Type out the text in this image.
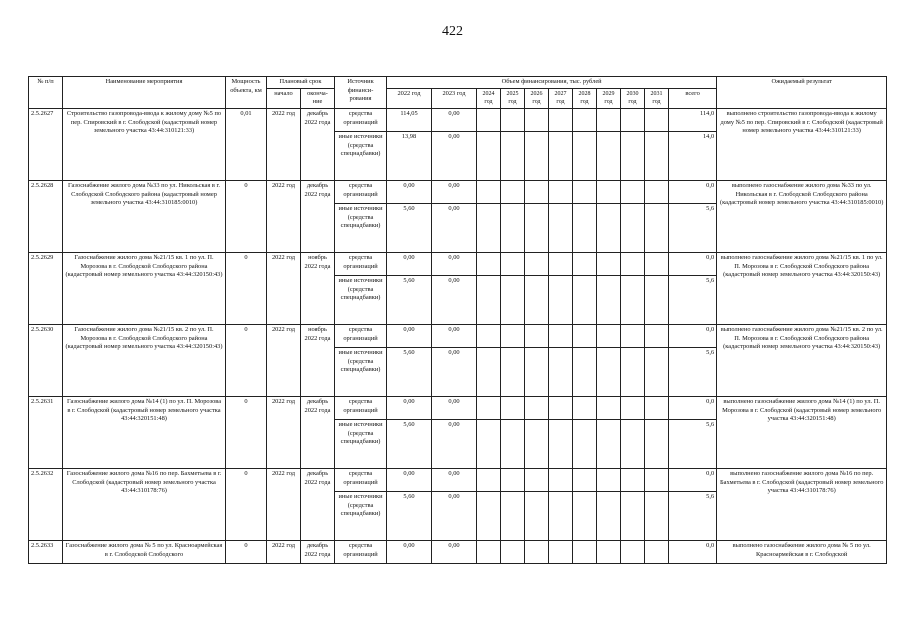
422
№ п/п	Наименование мероприятия	Мощность объекта, км	Плановый срок		Источник финанси- рования	Объем финансирования, тыс. рублей											Ожидаемый результат
			начало	оконча- ние		2022 год	2023 год	2024 год	2025 год	2026 год	2027 год	2028 год	2029 год	2030 год	2031 год	всего	
2.5.2627	Строительство газопровода-ввода к жилому дому №5 по пер. Спировский в г. Слободской (кадастровый номер земельного участка 43:44:310121:33)	0,01	2022 год	декабрь 2022 года	средства организаций	114,05	0,00									114,0	выполнено строительство газопровода-ввода к жилому дому №5 по пер. Спировский в г. Слободской (кадастровый номер земельного участка 43:44:310121:33)
					иные источники (средства спецнадбавки)	13,98	0,00									14,0	
2.5.2628	Газоснабжение жилого дома №33 по ул. Никольская в г. Слободской Слободского района (кадастровый номер земельного участка 43:44:310185:0010)	0	2022 год	декабрь 2022 года	средства организаций	0,00	0,00									0,0	выполнено газоснабжение жилого дома №33 по ул. Никольская в г. Слободской Слободского района (кадастровый номер земельного участка 43:44:310185:0010)
					иные источники (средства спецнадбавки)	5,60	0,00									5,6	
2.5.2629	Газоснабжение жилого дома №21/15 кв. 1 по ул. П. Морозова в г. Слободской Слободского района (кадастровый номер земельного участка 43:44:320150:43)	0	2022 год	ноябрь 2022 года	средства организаций	0,00	0,00									0,0	выполнено газоснабжение жилого дома №21/15 кв. 1 по ул. П. Морозова в г. Слободской Слободского района (кадастровый номер земельного участка 43:44:320150:43)
					иные источники (средства спецнадбавки)	5,60	0,00									5,6	
2.5.2630	Газоснабжение жилого дома №21/15 кв. 2 по ул. П. Морозова в г. Слободской Слободского района (кадастровый номер земельного участка 43:44:320150:43)	0	2022 год	ноябрь 2022 года	средства организаций	0,00	0,00									0,0	выполнено газоснабжение жилого дома №21/15 кв. 2 по ул. П. Морозова в г. Слободской Слободского района (кадастровый номер земельного участка 43:44:320150:43)
					иные источники (средства спецнадбавки)	5,60	0,00									5,6	
2.5.2631	Газоснабжение жилого дома №14 (1) по ул. П. Морозова в г. Слободской (кадастровый номер земельного участка 43:44:320151:48)	0	2022 год	декабрь 2022 года	средства организаций	0,00	0,00									0,0	выполнено газоснабжение жилого дома №14 (1) по ул. П. Морозова в г. Слободской (кадастровый номер земельного участка 43:44:320151:48)
					иные источники (средства спецнадбавки)	5,60	0,00									5,6	
2.5.2632	Газоснабжение жилого дома №16 по пер. Бахметьева в г. Слободской (кадастровый номер земельного участка 43:44:310178:76)	0	2022 год	декабрь 2022 года	средства организаций	0,00	0,00									0,0	выполнено газоснабжение жилого дома №16 по пер. Бахметьева в г. Слободской (кадастровый номер земельного участка 43:44:310178:76)
					иные источники (средства спецнадбавки)	5,60	0,00									5,6	
2.5.2633	Газоснабжение жилого дома № 5 по ул. Красноармейская в г. Слободской Слободского	0	2022 год	декабрь 2022 года	средства организаций	0,00	0,00									0,0	выполнено газоснабжение жилого дома № 5 по ул. Красноармейская в г. Слободской
